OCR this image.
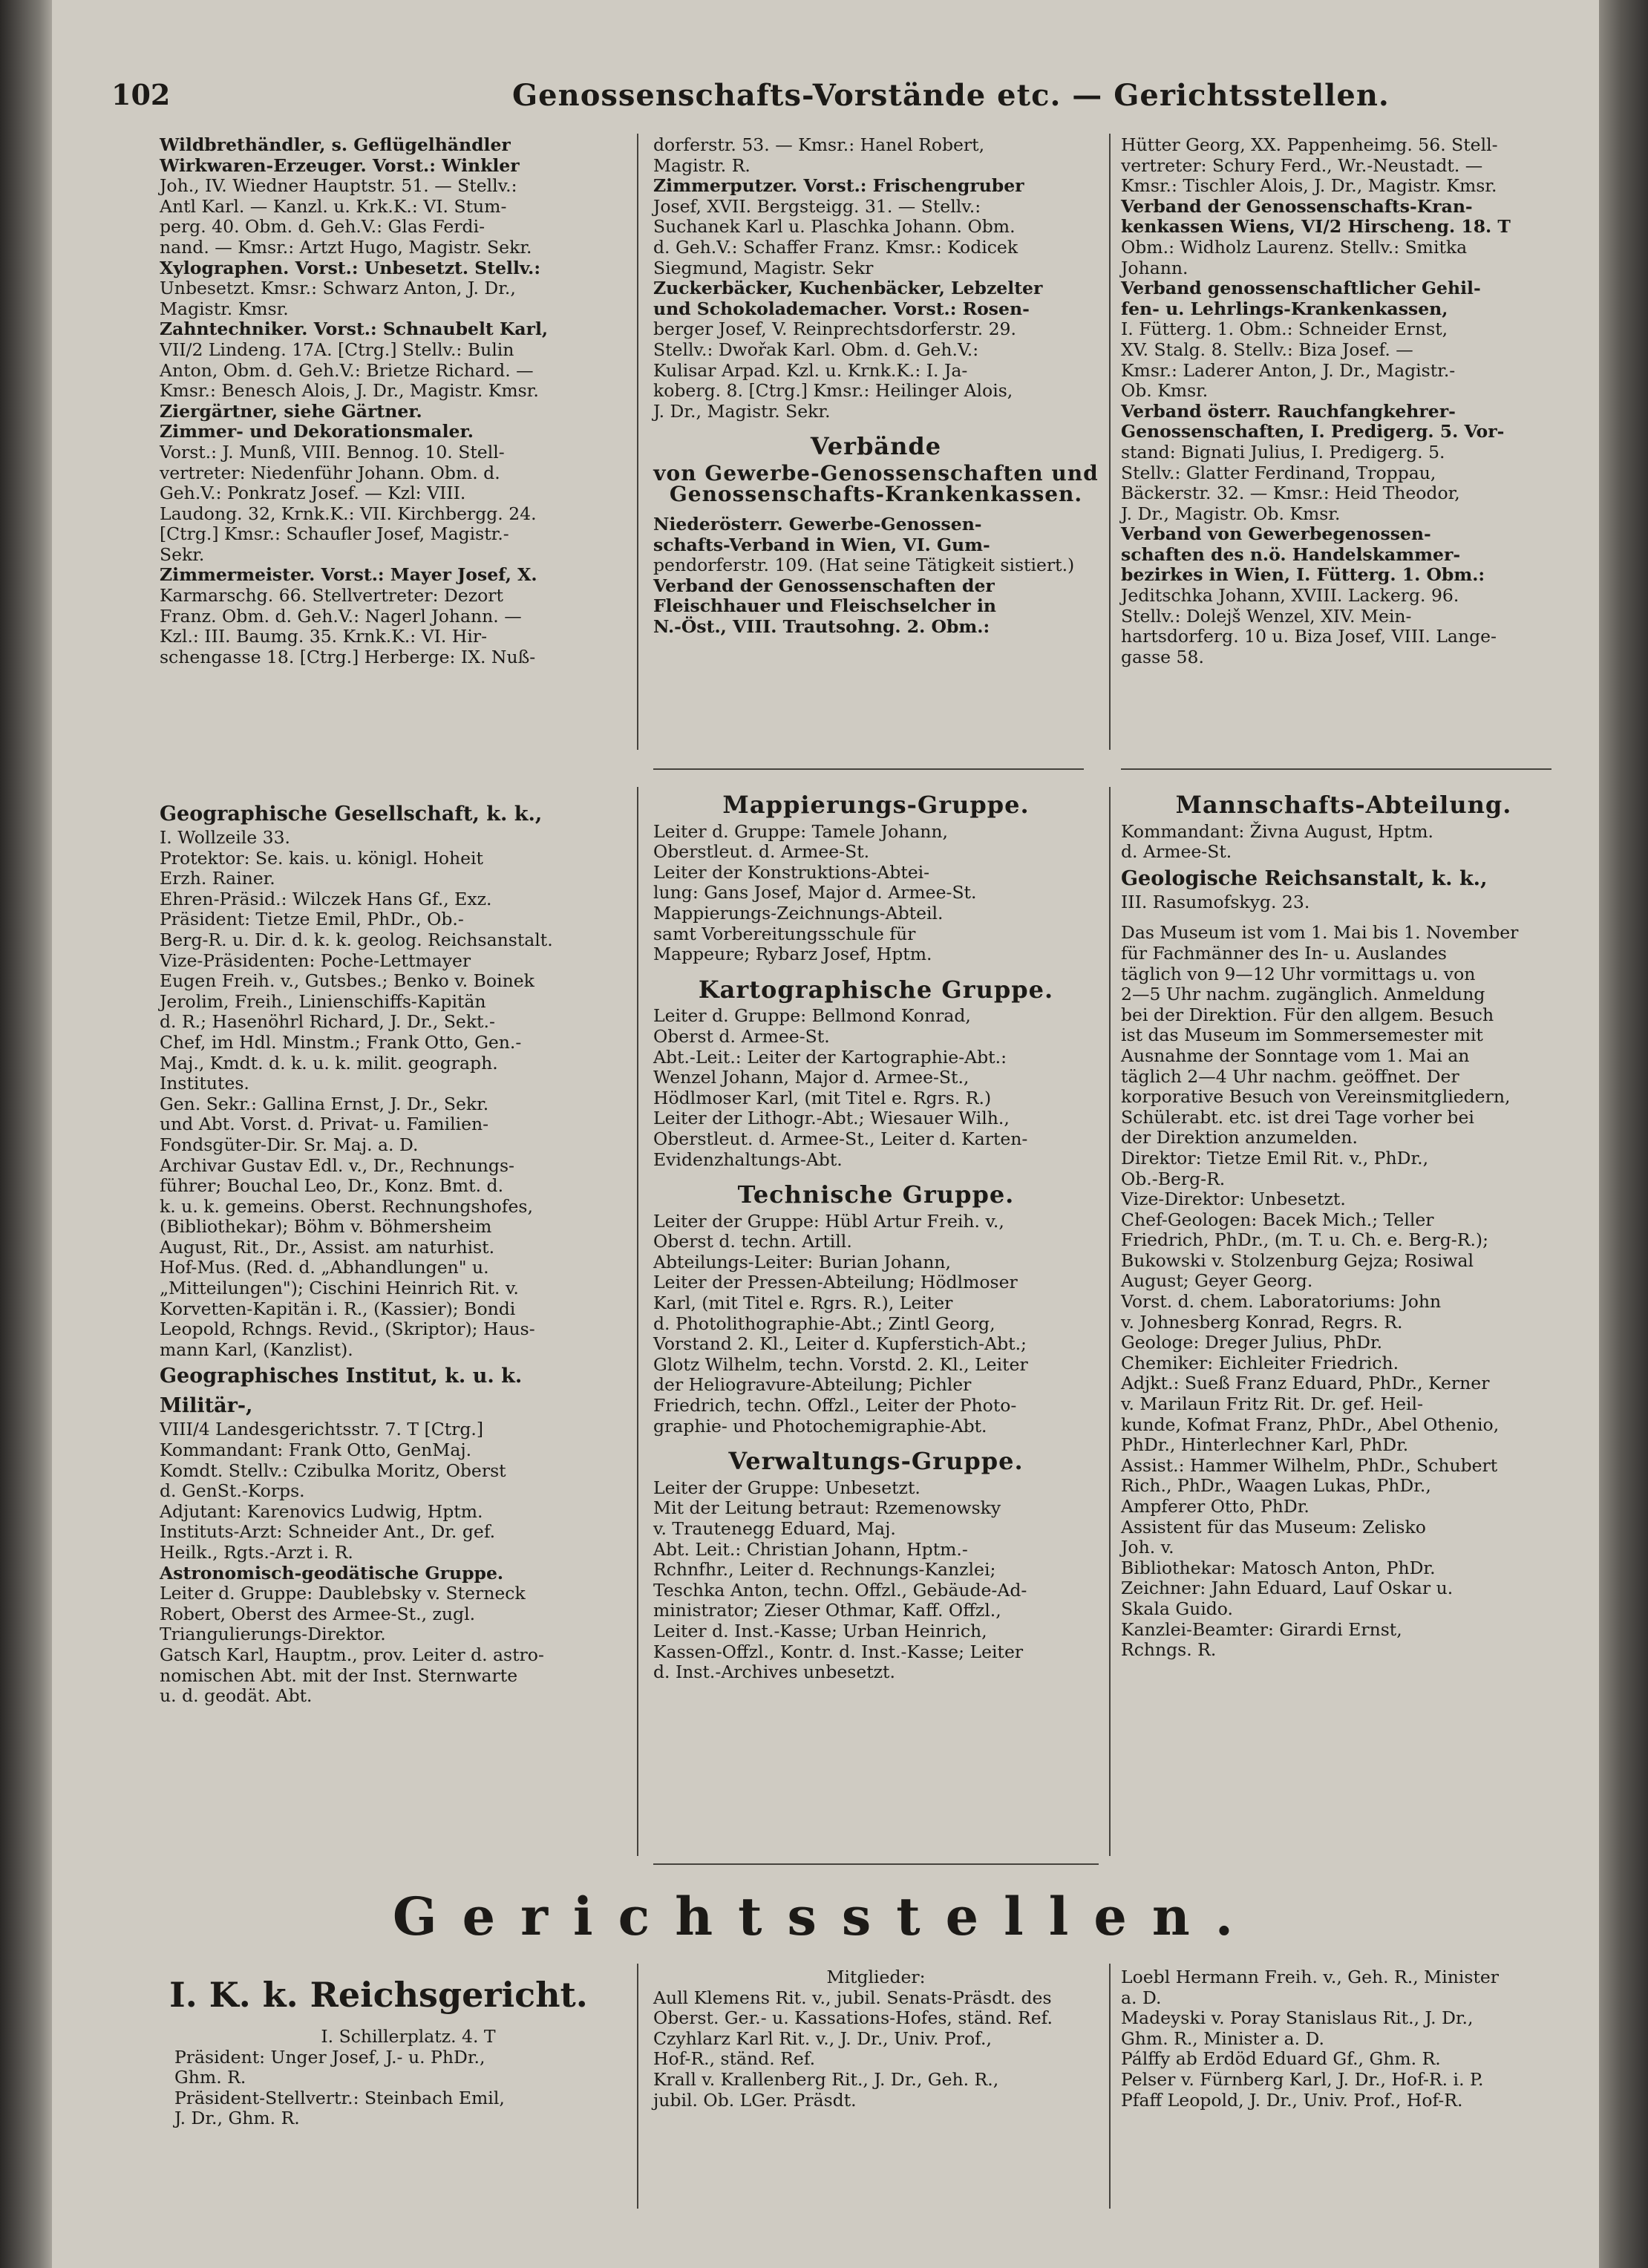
102	Genossenschafts-Vorstände etc. — Gerichtsstellen.

Wildbrethändler, s. Geflügelhändler

Wirkwaren-Erzeuger. Vorst.: Winkler

Joh., IV. Wiedner Hauptstr. 51. — Stellv.:

Antl Karl. — Kanzl. u. Krk.K.: VI. Stum-

perg. 40. Obm. d. Geh.V.: Glas Ferdi-

nand. — Kmsr.: Artzt Hugo, Magistr. Sekr.

Xylographen. Vorst.: Unbesetzt. Stellv.:

Unbesetzt. Kmsr.: Schwarz Anton, J. Dr.,

Magistr. Kmsr.

Zahntechniker. Vorst.: Schnaubelt Karl,

VII/2 Lindeng. 17A. [Ctrg.] Stellv.: Bulin

Anton, Obm. d. Geh.V.: Brietze Richard. —

Kmsr.: Benesch Alois, J. Dr., Magistr. Kmsr.

Ziergärtner, siehe Gärtner.

Zimmer- und Dekorationsmaler.

Vorst.: J. Munß, VIII. Bennog. 10. Stell-

vertreter: Niedenführ Johann. Obm. d.

Geh.V.: Ponkratz Josef. — Kzl: VIII.

Laudong. 32, Krnk.K.: VII. Kirchbergg. 24.

[Ctrg.] Kmsr.: Schaufler Josef, Magistr.-

Sekr.

Zimmermeister. Vorst.: Mayer Josef, X.

Karmarschg. 66. Stellvertreter: Dezort

Franz. Obm. d. Geh.V.: Nagerl Johann. —

Kzl.: III. Baumg. 35. Krnk.K.: VI. Hir-

schengasse 18. [Ctrg.] Herberge: IX. Nuß-

dorferstr. 53. — Kmsr.: Hanel Robert,

Magistr. R.

Zimmerputzer. Vorst.: Frischengruber

Josef, XVII. Bergsteigg. 31. — Stellv.:

Suchanek Karl u. Plaschka Johann. Obm.

d. Geh.V.: Schaffer Franz. Kmsr.: Kodicek

Siegmund, Magistr. Sekr

Zuckerbäcker, Kuchenbäcker, Lebzelter

und Schokolademacher. Vorst.: Rosen-

berger Josef, V. Reinprechtsdorferstr. 29.

Stellv.: Dwořak Karl. Obm. d. Geh.V.:

Kulisar Arpad. Kzl. u. Krnk.K.: I. Ja-

koberg. 8. [Ctrg.] Kmsr.: Heilinger Alois,

J. Dr., Magistr. Sekr.

Verbände

von Gewerbe-Genossenschaften und

Genossenschafts-Krankenkassen.

Niederösterr. Gewerbe-Genossen-

schafts-Verband in Wien, VI. Gum-

pendorferstr. 109. (Hat seine Tätigkeit sistiert.)

Verband der Genossenschaften der

Fleischhauer und Fleischselcher in

N.-Öst., VIII. Trautsohng. 2. Obm.:

Hütter Georg, XX. Pappenheimg. 56. Stell-

vertreter: Schury Ferd., Wr.-Neustadt. —

Kmsr.: Tischler Alois, J. Dr., Magistr. Kmsr.

Verband der Genossenschafts-Kran-

kenkassen Wiens, VI/2 Hirscheng. 18. T

Obm.: Widholz Laurenz. Stellv.: Smitka

Johann.

Verband genossenschaftlicher Gehil-

fen- u. Lehrlings-Krankenkassen,

I. Fütterg. 1. Obm.: Schneider Ernst,

XV. Stalg. 8. Stellv.: Biza Josef. —

Kmsr.: Laderer Anton, J. Dr., Magistr.-

Ob. Kmsr.

Verband österr. Rauchfangkehrer-

Genossenschaften, I. Predigerg. 5. Vor-

stand: Bignati Julius, I. Predigerg. 5.

Stellv.: Glatter Ferdinand, Troppau,

Bäckerstr. 32. — Kmsr.: Heid Theodor,

J. Dr., Magistr. Ob. Kmsr.

Verband von Gewerbegenossen-

schaften des n.ö. Handelskammer-

bezirkes in Wien, I. Fütterg. 1. Obm.:

Jeditschka Johann, XVIII. Lackerg. 96.

Stellv.: Dolejš Wenzel, XIV. Mein-

hartsdorferg. 10 u. Biza Josef, VIII. Lange-

gasse 58.

Geographische Gesellschaft, k. k.,

I. Wollzeile 33.

Protektor: Se. kais. u. königl. Hoheit

Erzh. Rainer.

Ehren-Präsid.: Wilczek Hans Gf., Exz.

Präsident: Tietze Emil, PhDr., Ob.-

Berg-R. u. Dir. d. k. k. geolog. Reichsanstalt.

Vize-Präsidenten: Poche-Lettmayer

Eugen Freih. v., Gutsbes.; Benko v. Boinek

Jerolim, Freih., Linienschiffs-Kapitän

d. R.; Hasenöhrl Richard, J. Dr., Sekt.-

Chef, im Hdl. Minstm.; Frank Otto, Gen.-

Maj., Kmdt. d. k. u. k. milit. geograph.

Institutes.

Gen. Sekr.: Gallina Ernst, J. Dr., Sekr.

und Abt. Vorst. d. Privat- u. Familien-

Fondsgüter-Dir. Sr. Maj. a. D.

Archivar Gustav Edl. v., Dr., Rechnungs-

führer; Bouchal Leo, Dr., Konz. Bmt. d.

k. u. k. gemeins. Oberst. Rechnungshofes,

(Bibliothekar); Böhm v. Böhmersheim

August, Rit., Dr., Assist. am naturhist.

Hof-Mus. (Red. d. „Abhandlungen" u.

„Mitteilungen"); Cischini Heinrich Rit. v.

Korvetten-Kapitän i. R., (Kassier); Bondi

Leopold, Rchngs. Revid., (Skriptor); Haus-

mann Karl, (Kanzlist).

Geographisches Institut, k. u. k.

Militär-,

VIII/4 Landesgerichtsstr. 7. T [Ctrg.]

Kommandant: Frank Otto, GenMaj.

Komdt. Stellv.: Czibulka Moritz, Oberst

d. GenSt.-Korps.

Adjutant: Karenovics Ludwig, Hptm.

Instituts-Arzt: Schneider Ant., Dr. gef.

Heilk., Rgts.-Arzt i. R.

Astronomisch-geodätische Gruppe.

Leiter d. Gruppe: Daublebsky v. Sterneck

Robert, Oberst des Armee-St., zugl.

Triangulierungs-Direktor.

Gatsch Karl, Hauptm., prov. Leiter d. astro-

nomischen Abt. mit der Inst. Sternwarte

u. d. geodät. Abt.

Mappierungs-Gruppe.

Leiter d. Gruppe: Tamele Johann,

Oberstleut. d. Armee-St.

Leiter der Konstruktions-Abtei-

lung: Gans Josef, Major d. Armee-St.

Mappierungs-Zeichnungs-Abteil.

samt Vorbereitungsschule für

Mappeure; Rybarz Josef, Hptm.

Kartographische Gruppe.

Leiter d. Gruppe: Bellmond Konrad,

Oberst d. Armee-St.

Abt.-Leit.: Leiter der Kartographie-Abt.:

Wenzel Johann, Major d. Armee-St.,

Hödlmoser Karl, (mit Titel e. Rgrs. R.)

Leiter der Lithogr.-Abt.; Wiesauer Wilh.,

Oberstleut. d. Armee-St., Leiter d. Karten-

Evidenzhaltungs-Abt.

Technische Gruppe.

Leiter der Gruppe: Hübl Artur Freih. v.,

Oberst d. techn. Artill.

Abteilungs-Leiter: Burian Johann,

Leiter der Pressen-Abteilung; Hödlmoser

Karl, (mit Titel e. Rgrs. R.), Leiter

d. Photolithographie-Abt.; Zintl Georg,

Vorstand 2. Kl., Leiter d. Kupferstich-Abt.;

Glotz Wilhelm, techn. Vorstd. 2. Kl., Leiter

der Heliogravure-Abteilung; Pichler

Friedrich, techn. Offzl., Leiter der Photo-

graphie- und Photochemigraphie-Abt.

Verwaltungs-Gruppe.

Leiter der Gruppe: Unbesetzt.

Mit der Leitung betraut: Rzemenowsky

v. Trautenegg Eduard, Maj.

Abt. Leit.: Christian Johann, Hptm.-

Rchnfhr., Leiter d. Rechnungs-Kanzlei;

Teschka Anton, techn. Offzl., Gebäude-Ad-

ministrator; Zieser Othmar, Kaff. Offzl.,

Leiter d. Inst.-Kasse; Urban Heinrich,

Kassen-Offzl., Kontr. d. Inst.-Kasse; Leiter

d. Inst.-Archives unbesetzt.

Mannschafts-Abteilung.

Kommandant: Živna August, Hptm.

d. Armee-St.

Geologische Reichsanstalt, k. k.,

III. Rasumofskyg. 23.

Das Museum ist vom 1. Mai bis 1. November

für Fachmänner des In- u. Auslandes

täglich von 9—12 Uhr vormittags u. von

2—5 Uhr nachm. zugänglich. Anmeldung

bei der Direktion. Für den allgem. Besuch

ist das Museum im Sommersemester mit

Ausnahme der Sonntage vom 1. Mai an

täglich 2—4 Uhr nachm. geöffnet. Der

korporative Besuch von Vereinsmitgliedern,

Schülerabt. etc. ist drei Tage vorher bei

der Direktion anzumelden.

Direktor: Tietze Emil Rit. v., PhDr.,

Ob.-Berg-R.

Vize-Direktor: Unbesetzt.

Chef-Geologen: Bacek Mich.; Teller

Friedrich, PhDr., (m. T. u. Ch. e. Berg-R.);

Bukowski v. Stolzenburg Gejza; Rosiwal

August; Geyer Georg.

Vorst. d. chem. Laboratoriums: John

v. Johnesberg Konrad, Regrs. R.

Geologe: Dreger Julius, PhDr.

Chemiker: Eichleiter Friedrich.

Adjkt.: Sueß Franz Eduard, PhDr., Kerner

v. Marilaun Fritz Rit. Dr. gef. Heil-

kunde, Kofmat Franz, PhDr., Abel Othenio,

PhDr., Hinterlechner Karl, PhDr.

Assist.: Hammer Wilhelm, PhDr., Schubert

Rich., PhDr., Waagen Lukas, PhDr.,

Ampferer Otto, PhDr.

Assistent für das Museum: Zelisko

Joh. v.

Bibliothekar: Matosch Anton, PhDr.

Zeichner: Jahn Eduard, Lauf Oskar u.

Skala Guido.

Kanzlei-Beamter: Girardi Ernst,

Rchngs. R.

Gerichtsstellen.
I. K. k. Reichsgericht.

I. Schillerplatz. 4. T

Präsident: Unger Josef, J.- u. PhDr.,

Ghm. R.

Präsident-Stellvertr.: Steinbach Emil,

J. Dr., Ghm. R.

Mitglieder:

Aull Klemens Rit. v., jubil. Senats-Präsdt. des

Oberst. Ger.- u. Kassations-Hofes, ständ. Ref.

Czyhlarz Karl Rit. v., J. Dr., Univ. Prof.,

Hof-R., ständ. Ref.

Krall v. Krallenberg Rit., J. Dr., Geh. R.,

jubil. Ob. LGer. Präsdt.

Loebl Hermann Freih. v., Geh. R., Minister

a. D.

Madeyski v. Poray Stanislaus Rit., J. Dr.,

Ghm. R., Minister a. D.

Pálffy ab Erdöd Eduard Gf., Ghm. R.

Pelser v. Fürnberg Karl, J. Dr., Hof-R. i. P.

Pfaff Leopold, J. Dr., Univ. Prof., Hof-R.
